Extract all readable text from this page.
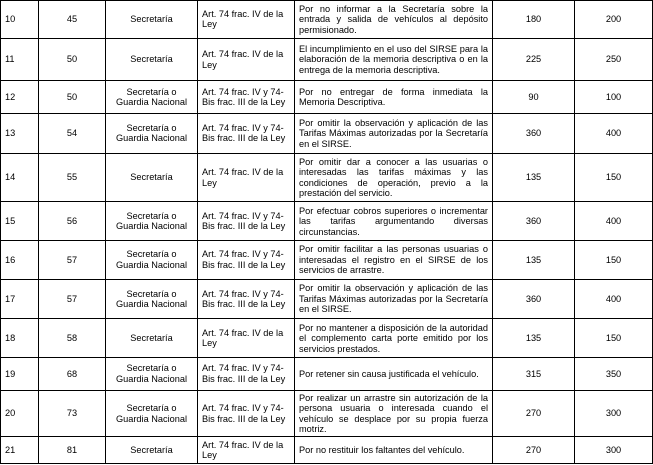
10	45	Secretaría	Art. 74 frac. IV de la Ley	Por no informar a la Secretaría sobre la entrada y salida de vehículos al depósito permisionado.	180	200
11	50	Secretaría	Art. 74 frac. IV de la Ley	El incumplimiento en el uso del SIRSE para la elaboración de la memoria descriptiva o en la entrega de la memoria descriptiva.	225	250
12	50	Secretaría o Guardia Nacional	Art. 74 frac. IV y 74-Bis frac. III de la Ley	Por no entregar de forma inmediata la Memoria Descriptiva.	90	100
13	54	Secretaría o Guardia Nacional	Art. 74 frac. IV y 74-Bis frac. III de la Ley	Por omitir la observación y aplicación de las Tarifas Máximas autorizadas por la Secretaría en el SIRSE.	360	400
14	55	Secretaría	Art. 74 frac. IV de la Ley	Por omitir dar a conocer a las usuarias o interesadas las tarifas máximas y las condiciones de operación, previo a la prestación del servicio.	135	150
15	56	Secretaría o Guardia Nacional	Art. 74 frac. IV y 74-Bis frac. III de la Ley	Por efectuar cobros superiores o incrementar las tarifas argumentando diversas circunstancias.	360	400
16	57	Secretaría o Guardia Nacional	Art. 74 frac. IV y 74-Bis frac. III de la Ley	Por omitir facilitar a las personas usuarias o interesadas el registro en el SIRSE de los servicios de arrastre.	135	150
17	57	Secretaría o Guardia Nacional	Art. 74 frac. IV y 74-Bis frac. III de la Ley	Por omitir la observación y aplicación de las Tarifas Máximas autorizadas por la Secretaría en el SIRSE.	360	400
18	58	Secretaría	Art. 74 frac. IV de la Ley	Por no mantener a disposición de la autoridad el complemento carta porte emitido por los servicios prestados.	135	150
19	68	Secretaría o Guardia Nacional	Art. 74 frac. IV y 74-Bis frac. III de la Ley	Por retener sin causa justificada el vehículo.	315	350
20	73	Secretaría o Guardia Nacional	Art. 74 frac. IV y 74-Bis frac. III de la Ley	Por realizar un arrastre sin autorización de la persona usuaria o interesada cuando el vehículo se desplace por su propia fuerza motriz.	270	300
21	81	Secretaría	Art. 74 frac. IV de la Ley	Por no restituir los faltantes del vehículo.	270	300
